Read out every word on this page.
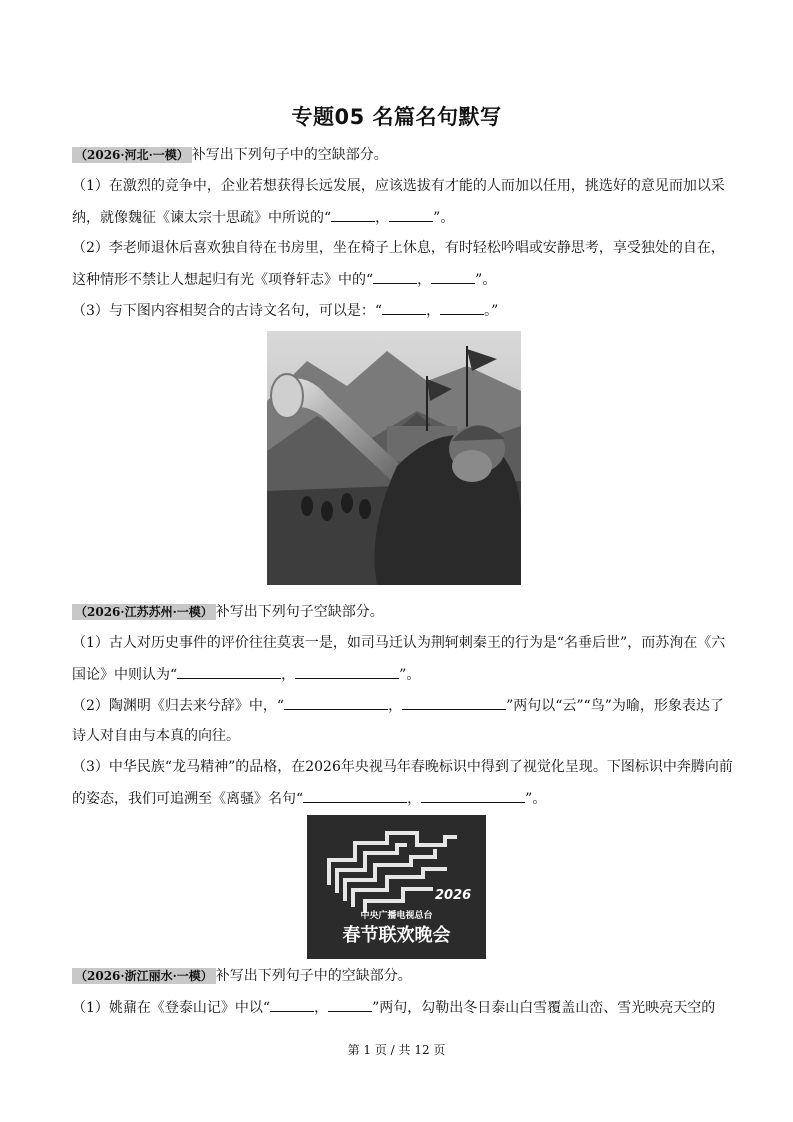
专题05 名篇名句默写
（2026·河北·一模） 补写出下列句子中的空缺部分。
（1）在激烈的竞争中，企业若想获得长远发展，应该选拔有才能的人而加以任用，挑选好的意见而加以采
纳，就像魏征《谏太宗十思疏》中所说的“	，	”。
（2）李老师退休后喜欢独自待在书房里，坐在椅子上休息，有时轻松吟唱或安静思考，享受独处的自在，
这种情形不禁让人想起归有光《项脊轩志》中的“	，	”。
（3）与下图内容相契合的古诗文名句，可以是：“	，	。”
（2026·江苏苏州·一模） 补写出下列句子空缺部分。
（1）古人对历史事件的评价往往莫衷一是，如司马迁认为荆轲刺秦王的行为是“名垂后世”，而苏洵在《六
国论》中则认为“	，	”。
（2）陶渊明《归去来兮辞》中，“	，	”两句以“云”“鸟”为喻，形象表达了
诗人对自由与本真的向往。
（3）中华民族“龙马精神”的品格，在2026年央视马年春晚标识中得到了视觉化呈现。下图标识中奔腾向前
的姿态，我们可追溯至《离骚》名句“	，	”。
2026
中央广播电视总台
春节联欢晚会
（2026·浙江丽水·一模） 补写出下列句子中的空缺部分。
（1）姚鼐在《登泰山记》中以“	，	”两句，勾勒出冬日泰山白雪覆盖山峦、雪光映亮天空的
第 1 页 / 共 12 页
